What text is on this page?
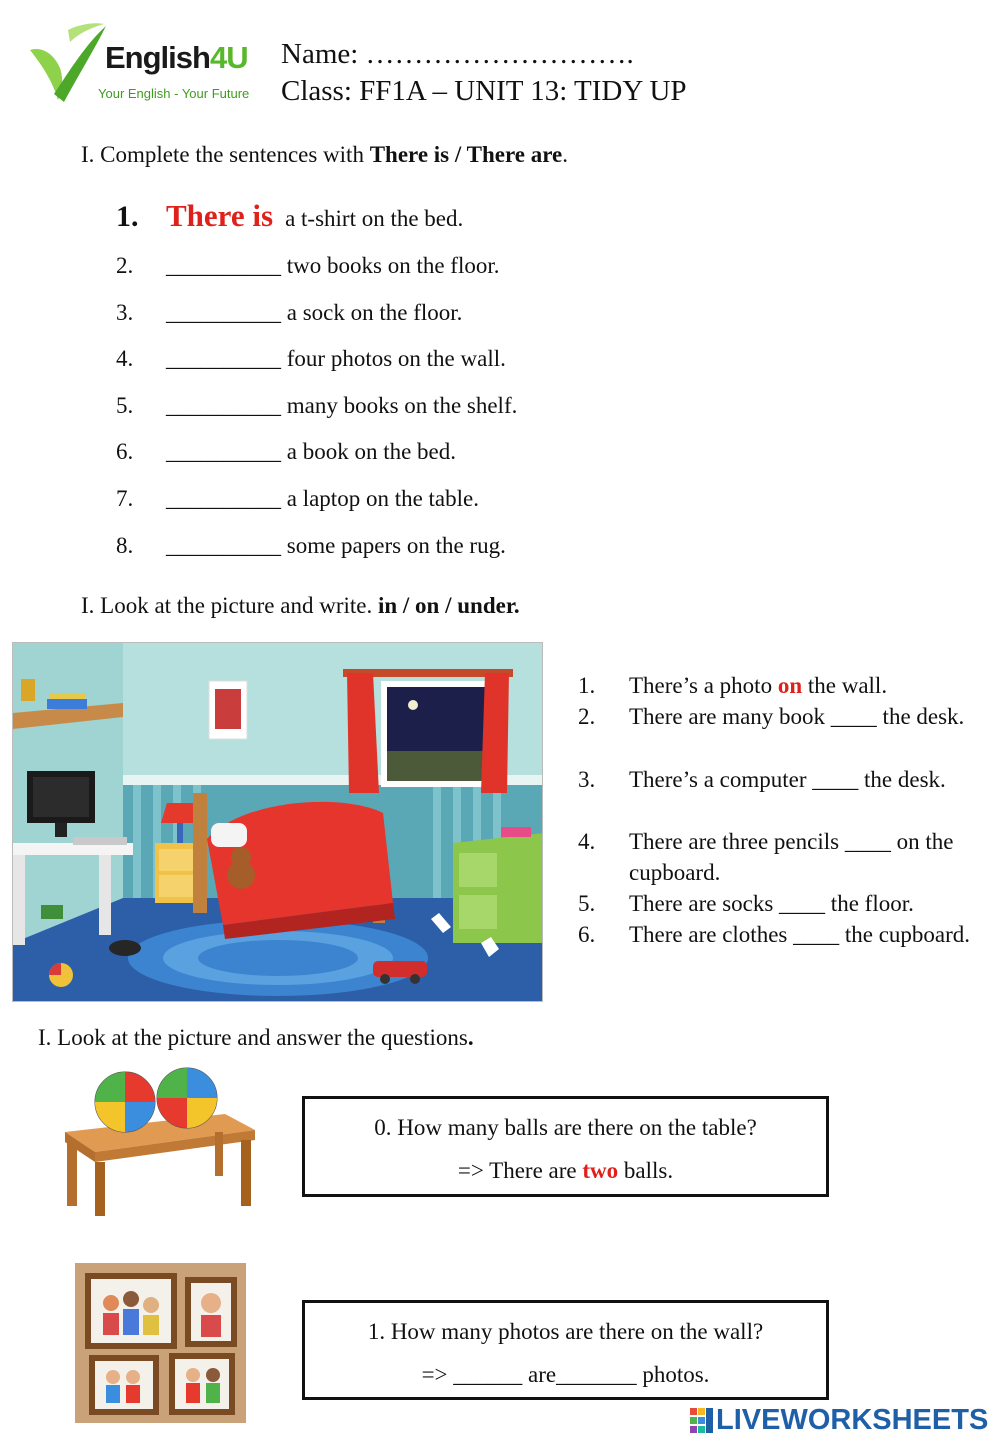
English4U
Your English - Your Future
Name: ……………………….
Class: FF1A – UNIT 13: TIDY UP
I. Complete the sentences with There is / There are.
1. There is a t-shirt on the bed.
2. __________ two books on the floor.
3. __________ a sock on the floor.
4. __________ four photos on the wall.
5. __________ many books on the shelf.
6. __________ a book on the bed.
7. __________ a laptop on the table.
8. __________ some papers on the rug.
I. Look at the picture and write. in / on / under.
1. There’s a photo on the wall.
2. There are many book ____ the desk.
3. There’s a computer ____ the desk.
4. There are three pencils ____ on the cupboard.
5. There are socks ____ the floor.
6. There are clothes ____ the cupboard.
I. Look at the picture and answer the questions.
0. How many balls are there on the table?
=> There are two balls.
1. How many photos are there on the wall?
=> ______ are_______ photos.
LIVEWORKSHEETS
